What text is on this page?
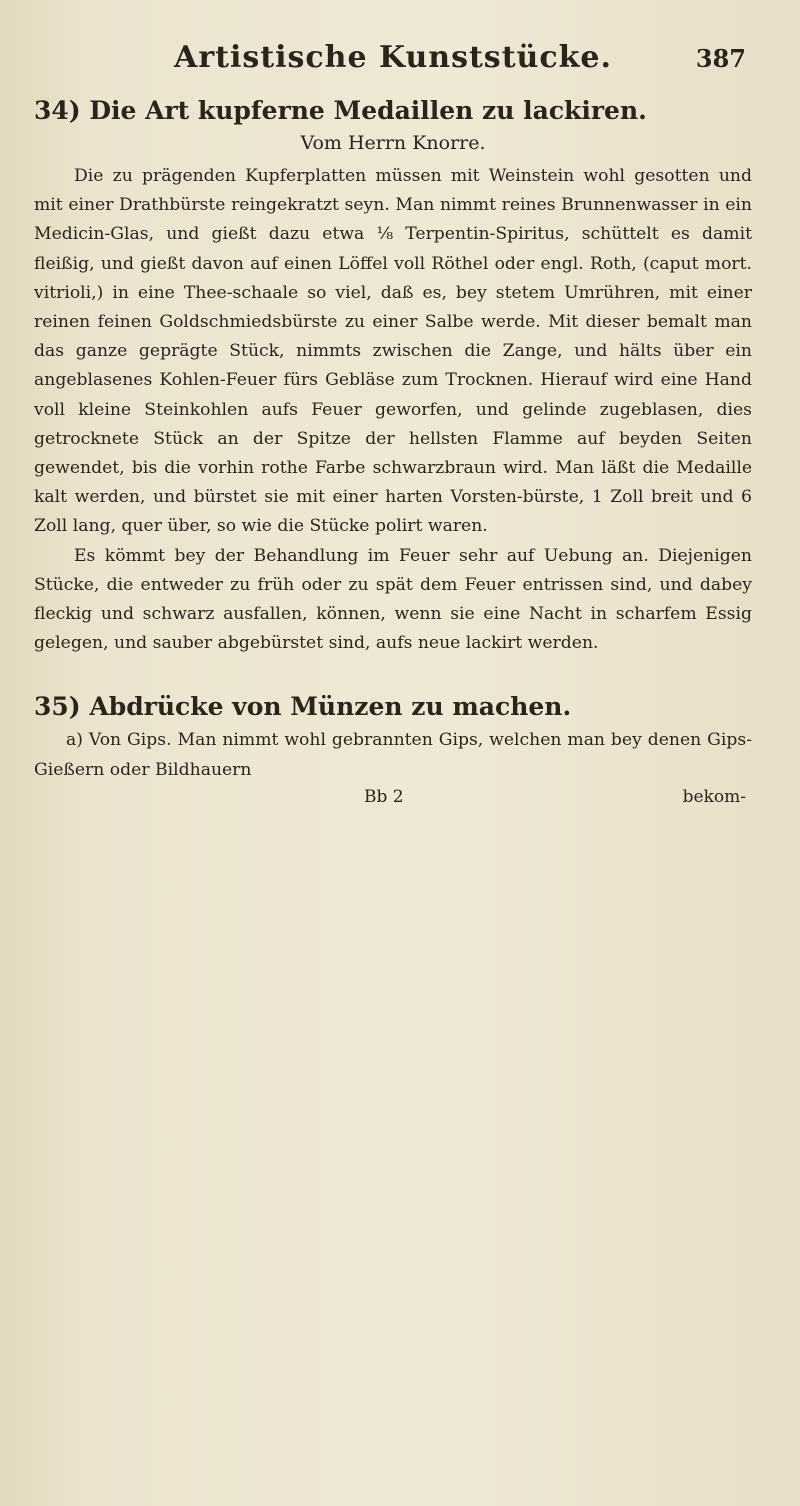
Artistische Kunststücke.	387
34) Die Art kupferne Medaillen zu lackiren.
Vom Herrn Knorre.

Die zu prägenden Kupferplatten müssen mit Weinstein wohl gesotten und mit einer Drathbürste reingekratzt seyn. Man nimmt reines Brunnenwasser in ein Medicin-Glas, und gießt dazu etwa ⅛ Terpentin-Spiritus, schüttelt es damit fleißig, und gießt davon auf einen Löffel voll Röthel oder engl. Roth, (caput mort. vitrioli,) in eine Thee-schaale so viel, daß es, bey stetem Umrühren, mit einer reinen feinen Goldschmiedsbürste zu einer Salbe werde. Mit dieser bemalt man das ganze geprägte Stück, nimmts zwischen die Zange, und hälts über ein angeblasenes Kohlen-Feuer fürs Gebläse zum Trocknen. Hierauf wird eine Hand voll kleine Steinkohlen aufs Feuer geworfen, und gelinde zugeblasen, dies getrocknete Stück an der Spitze der hellsten Flamme auf beyden Seiten gewendet, bis die vorhin rothe Farbe schwarzbraun wird. Man läßt die Medaille kalt werden, und bürstet sie mit einer harten Vorsten-bürste, 1 Zoll breit und 6 Zoll lang, quer über, so wie die Stücke polirt waren.

Es kömmt bey der Behandlung im Feuer sehr auf Uebung an. Diejenigen Stücke, die entweder zu früh oder zu spät dem Feuer entrissen sind, und dabey fleckig und schwarz ausfallen, können, wenn sie eine Nacht in scharfem Essig gelegen, und sauber abgebürstet sind, aufs neue lackirt werden.

35) Abdrücke von Münzen zu machen.

a) Von Gips. Man nimmt wohl gebrannten Gips, welchen man bey denen Gips-Gießern oder Bildhauern

Bb 2	bekom-
